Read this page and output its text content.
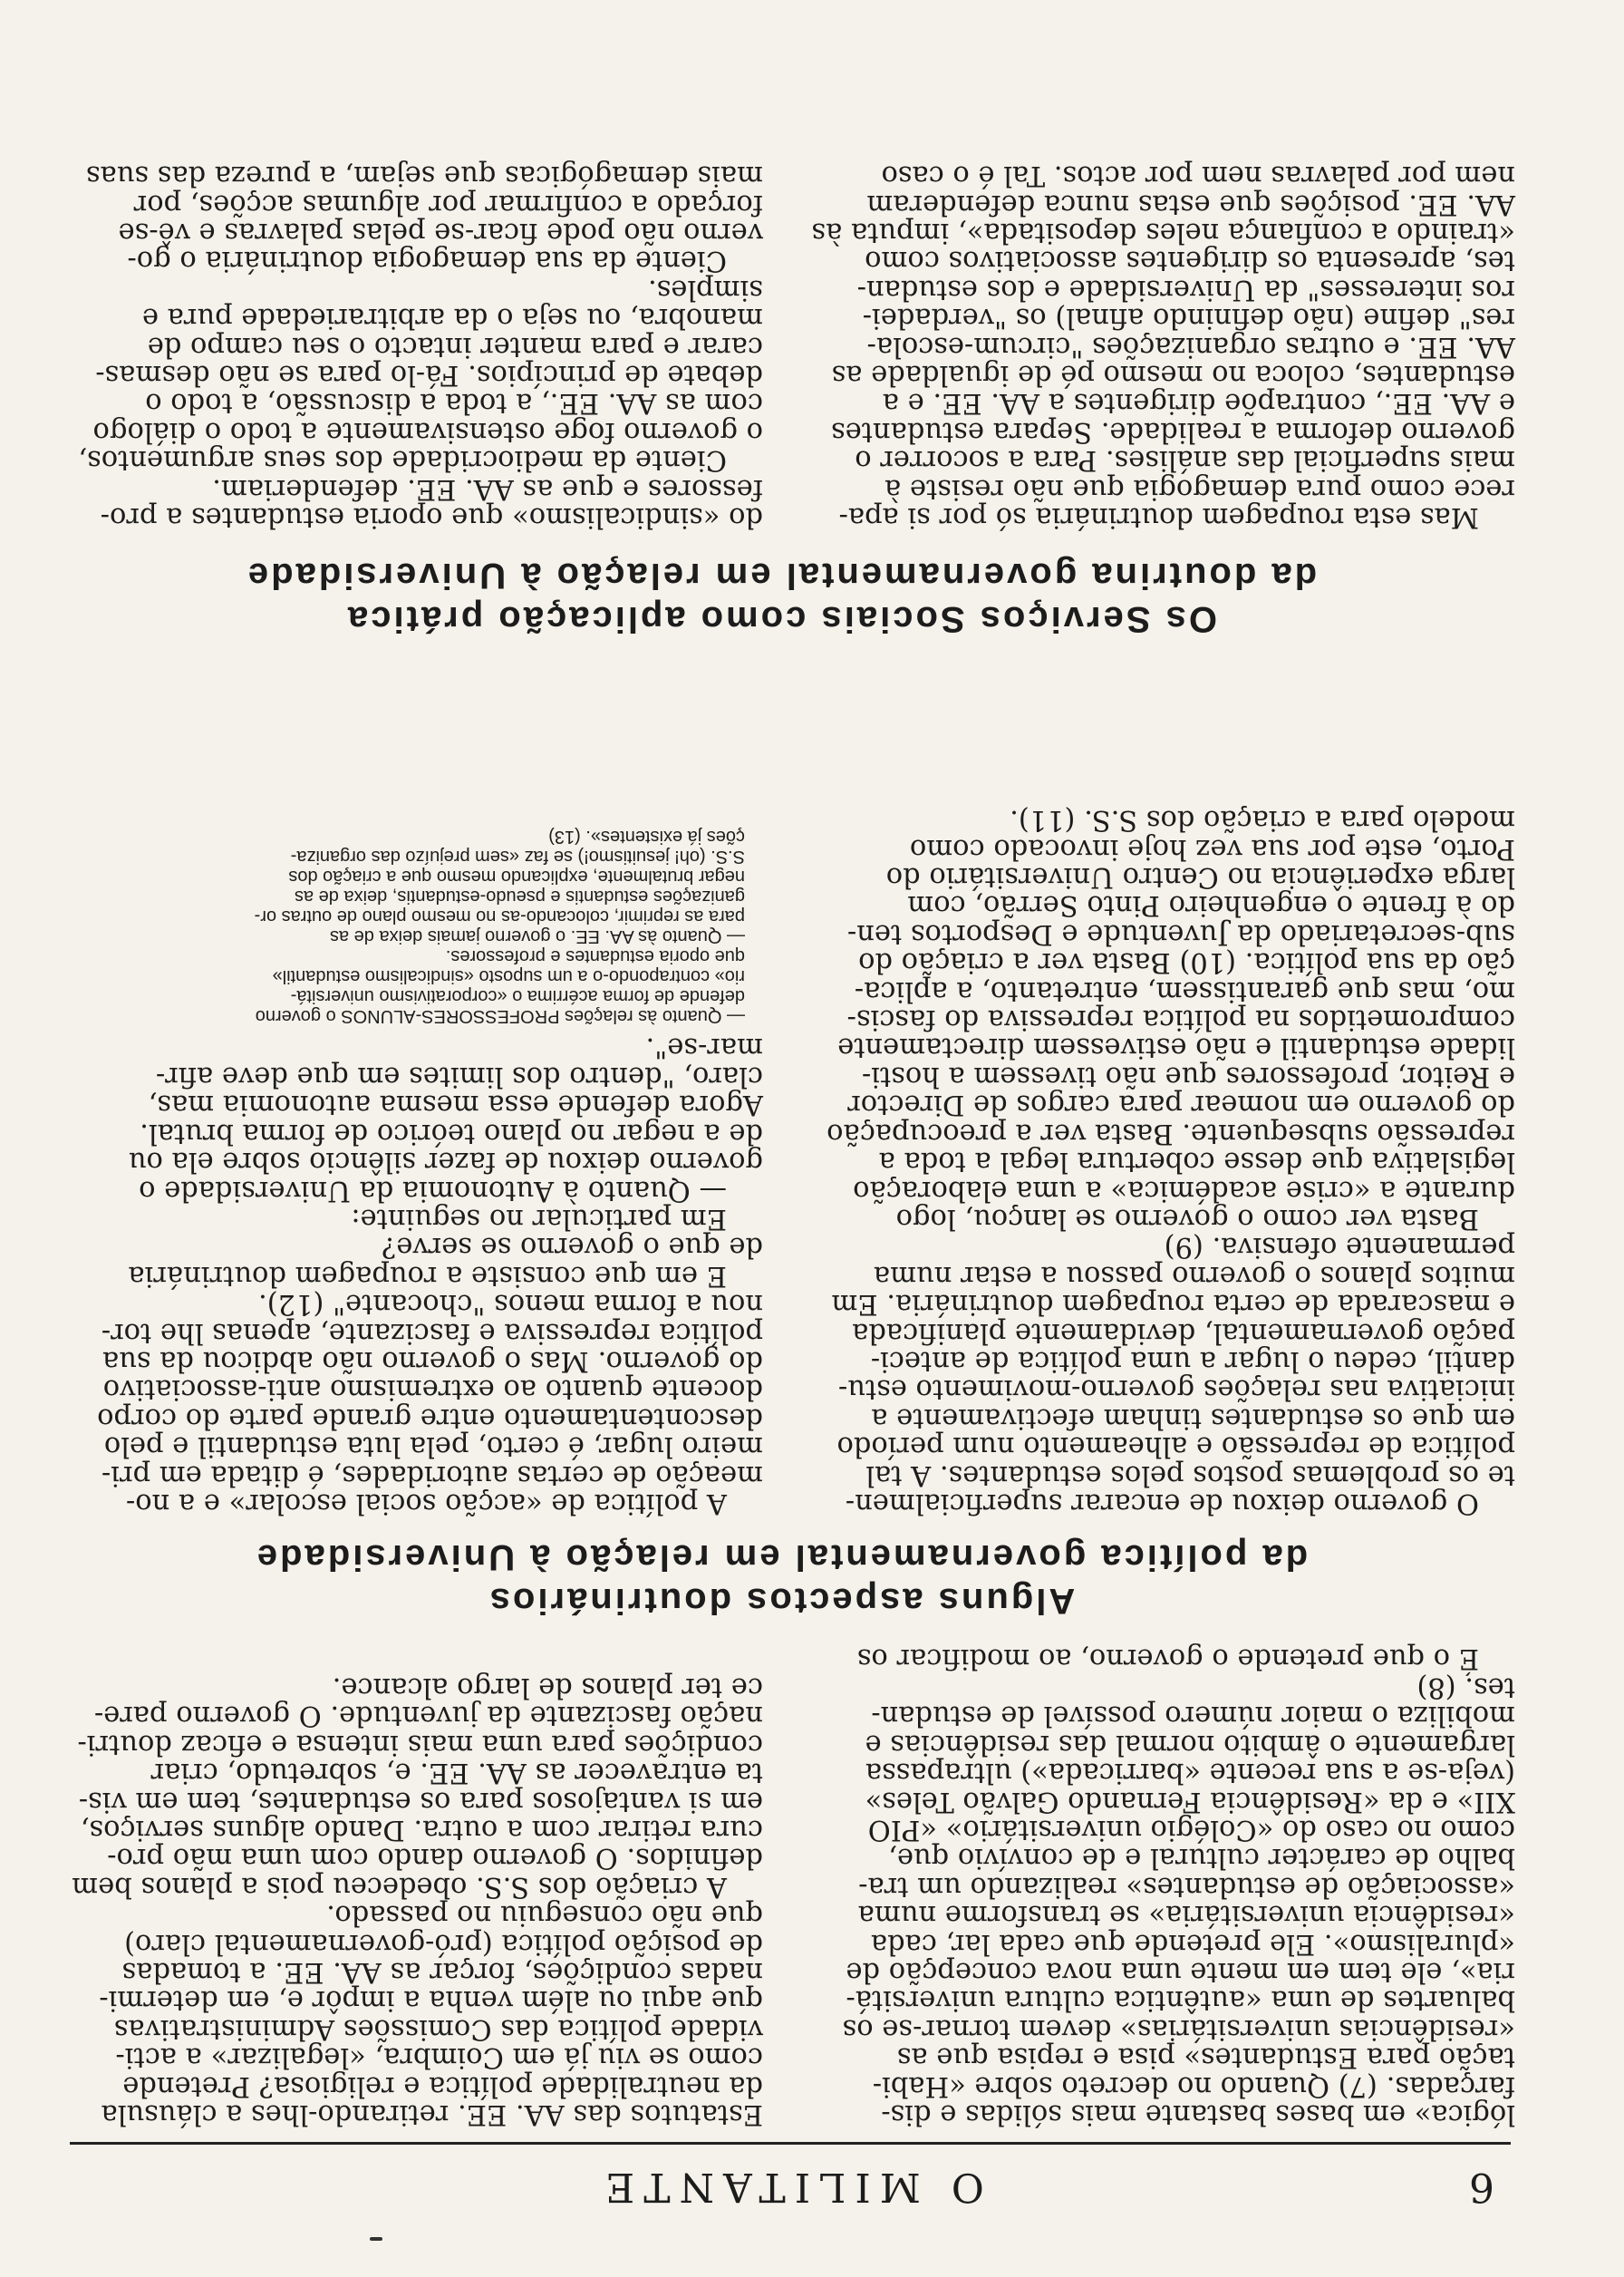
6
O MILITANTE

lógica» em bases bastante mais sólidas e dis-

farçadas. (7) Quando no decreto sobre «Habi-

tação para Estudantes» pisa e repisa que as

«residências universitárias» devem tornar-se os

baluartes de uma «autêntica cultura universitá-

ria», ele tem em mente uma nova concepção de

«pluralismo». Ele pretende que cada lar, cada

«residência universitária» se transforme numa

«associação de estudantes» realizando um tra-

balho de carácter cultural e de convívio que,

como no caso do «Colégio universitário» «PIO

XII» e da «Residência Fernando Galvão Teles»

(veja-se a sua recente «barricada») ultrapassa

largamente o âmbito normal das residências e

mobiliza o maior número possível de estudan-

tes. (8)

É o que pretende o governo, ao modificar os

Estatutos das AA. EE. retirando-lhes a cláusula

da neutralidade política e religiosa? Pretende

como se viu já em Coimbra, «legalizar» a acti-

vidade política das Comissões Administrativas

que aqui ou além venha a impôr e, em determi-

nadas condições, forçar as AA. EE. a tomadas

de posição política (pró-governamental claro)

que não conseguiu no passado.

A criação dos S.S. obedeceu pois a planos bem

definidos. O governo dando com uma mão pro-

cura retirar com a outra. Dando alguns serviços,

em si vantajosos para os estudantes, tem em vis-

ta entravecer as AA. EE. e, sobretudo, criar

condições para uma mais intensa e eficaz doutri-

nação fascizante da juventude. O governo pare-

ce ter planos de largo alcance.

Alguns aspectos doutrinários
da política governamental em relação à Universidade

O governo deixou de encarar superficialmen-

te os problemas postos pelos estudantes. A tal

política de repressão e alheamento num período

em que os estudantes tinham efectivamente a

iniciativa nas relações governo-movimento estu-

dantil, cedeu o lugar a uma política de anteci-

pação governamental, devidamente planificada

e mascarada de certa roupagem doutrinária. Em

muitos planos o governo passou a estar numa

permanente ofensiva. (9)

Basta ver como o governo se lançou, logo

durante a «crise académica» a uma elaboração

legislativa que desse cobertura legal a toda a

repressão subsequente. Basta ver a preocupação

do governo em nomear para cargos de Director

e Reitor, professores que não tivessem a hosti-

lidade estudantil e não estivessem directamente

comprometidos na política repressiva do fascis-

mo, mas que garantissem, entretanto, a aplica-

ção da sua política. (10) Basta ver a criação do

sub-secretariado da Juventude e Desportos ten-

do à frente o engenheiro Pinto Serrão, com

larga experiência no Centro Universitário do

Porto, este por sua vez hoje invocado como

modelo para a criação dos S.S. (11).

A política de «acção social escolar» e a no-

meação de certas autoridades, é ditada em pri-

meiro lugar, é certo, pela luta estudantil e pelo

descontentamento entre grande parte do corpo

docente quanto ao extremismo anti-associativo

do governo. Mas o governo não abdicou da sua

política repressiva e fascizante, apenas lhe tor-

nou a forma menos "chocante" (12).

E em que consiste a roupagem doutrinária

de que o governo se serve?

Em particular no seguinte:

— Quanto à Autonomia da Universidade o

governo deixou de fazer silêncio sobre ela ou

de a negar no plano teórico de forma brutal.

Agora defende essa mesma autonomia mas,

claro, "dentro dos limites em que deve afir-

mar-se".

— Quanto às relações PROFESSORES-ALUNOS o governo

defende de forma acérrima o «corporativismo universitá-

rio» contrapondo-o a um suposto «sindicalismo estudantil»

que oporia estudantes e professores.

— Quanto às AA. EE. o governo jamais deixa de as

para as reprimir, colocando-as no mesmo plano de outras or-

ganizações estudantis e pseudo-estudantis, deixa de as

negar brutalmente, explicando mesmo que a criação dos

S.S. (oh! jesuitismo!) se faz «sem prejuízo das organiza-

ções já existentes». (13)

Os Serviços Sociais como aplicação prática
da doutrina governamental em relação à Universidade

Mas esta roupagem doutrinária só por si apa-

rece como pura demagogia que não resiste à

mais superficial das análises. Para a socorrer o

governo deforma a realidade. Separa estudantes

e AA. EE., contrapõe dirigentes a AA. EE. e a

estudantes, coloca no mesmo pé de igualdade as

AA. EE. e outras organizações "circum-escola-

res" define (não definindo afinal) os "verdadei-

ros interesses" da Universidade e dos estudan-

tes, apresenta os dirigentes associativos como

«traindo a confiança neles depositada», imputa às

AA. EE. posições que estas nunca defenderam

nem por palavras nem por actos. Tal é o caso

do «sindicalismo» que oporia estudantes a pro-

fessores e que as AA. EE. defenderiam.

Ciente da mediocridade dos seus argumentos,

o governo foge ostensivamente a todo o diálogo

com as AA. EE., a toda a discussão, a todo o

debate de princípios. Fá-lo para se não desmas-

carar e para manter intacto o seu campo de

manobra, ou seja o da arbitrariedade pura e

simples.

Ciente da sua demagogia doutrinária o go-

verno não pode ficar-se pelas palavras e vê-se

forçado a confirmar por algumas acções, por

mais demagógicas que sejam, a pureza das suas
